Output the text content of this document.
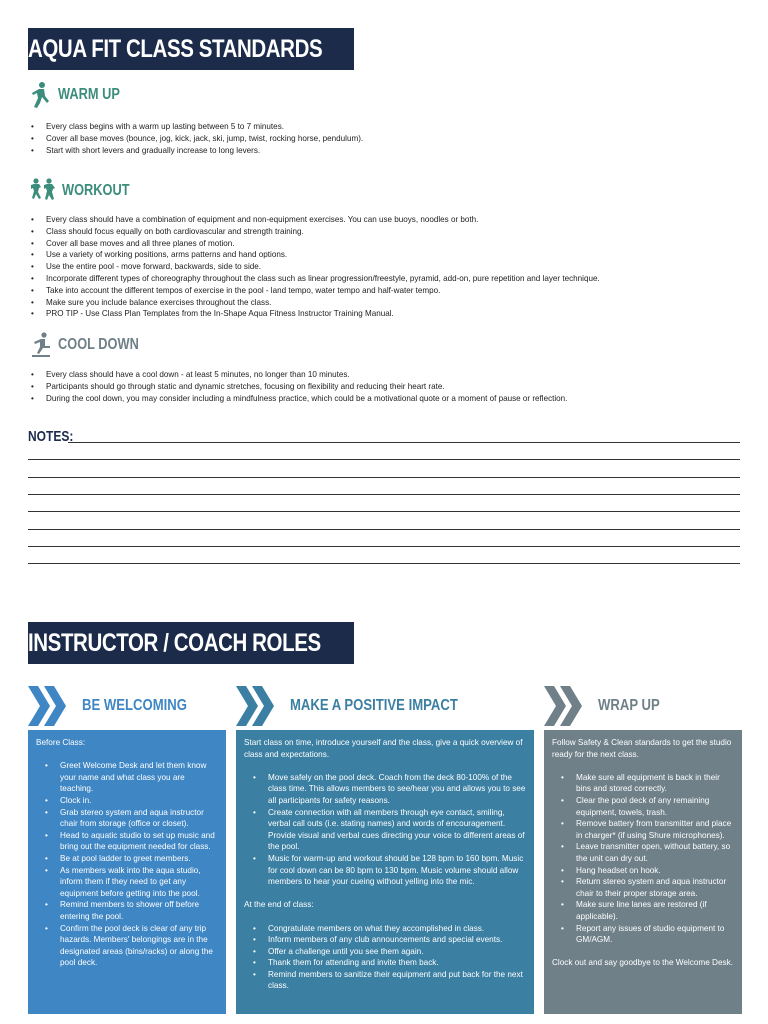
AQUA FIT CLASS STANDARDS
WARM UP
• Every class begins with a warm up lasting between 5 to 7 minutes.
• Cover all base moves (bounce, jog, kick, jack, ski, jump, twist, rocking horse, pendulum).
• Start with short levers and gradually increase to long levers.
WORKOUT
• Every class should have a combination of equipment and non-equipment exercises. You can use buoys, noodles or both.
• Class should focus equally on both cardiovascular and strength training.
• Cover all base moves and all three planes of motion.
• Use a variety of working positions, arms patterns and hand options.
• Use the entire pool - move forward, backwards, side to side.
• Incorporate different types of choreography throughout the class such as linear progression/freestyle, pyramid, add-on, pure repetition and layer technique.
• Take into account the different tempos of exercise in the pool - land tempo, water tempo and half-water tempo.
• Make sure you include balance exercises throughout the class.
• PRO TIP - Use Class Plan Templates from the In-Shape Aqua Fitness Instructor Training Manual.
COOL DOWN
• Every class should have a cool down - at least 5 minutes, no longer than 10 minutes.
• Participants should go through static and dynamic stretches, focusing on flexibility and reducing their heart rate.
• During the cool down, you may consider including a mindfulness practice, which could be a motivational quote or a moment of pause or reflection.
NOTES:
INSTRUCTOR / COACH ROLES
BE WELCOMING	MAKE A POSITIVE IMPACT	WRAP UP

Before Class:

• Greet Welcome Desk and let them know your name and what class you are teaching.
• Clock in.
• Grab stereo system and aqua instructor chair from storage (office or closet).
• Head to aquatic studio to set up music and bring out the equipment needed for class.
• Be at pool ladder to greet members.
• As members walk into the aqua studio, inform them if they need to get any equipment before getting into the pool.
• Remind members to shower off before entering the pool.
• Confirm the pool deck is clear of any trip hazards. Members' belongings are in the designated areas (bins/racks) or along the pool deck.

Start class on time, introduce yourself and the class, give a quick overview of class and expectations.

• Move safely on the pool deck. Coach from the deck 80-100% of the class time. This allows members to see/hear you and allows you to see all participants for safety reasons.
• Create connection with all members through eye contact, smiling, verbal call outs (i.e. stating names) and words of encouragement. Provide visual and verbal cues directing your voice to different areas of the pool.
• Music for warm-up and workout should be 128 bpm to 160 bpm. Music for cool down can be 80 bpm to 130 bpm. Music volume should allow members to hear your cueing without yelling into the mic.

At the end of class:

• Congratulate members on what they accomplished in class.
• Inform members of any club announcements and special events.
• Offer a challenge until you see them again.
• Thank them for attending and invite them back.
• Remind members to sanitize their equipment and put back for the next class.

Follow Safety & Clean standards to get the studio ready for the next class.

• Make sure all equipment is back in their bins and stored correctly.
• Clear the pool deck of any remaining equipment, towels, trash.
• Remove battery from transmitter and place in charger* (if using Shure microphones).
• Leave transmitter open, without battery, so the unit can dry out.
• Hang headset on hook.
• Return stereo system and aqua instructor chair to their proper storage area.
• Make sure line lanes are restored (if applicable).
• Report any issues of studio equipment to GM/AGM.

Clock out and say goodbye to the Welcome Desk.
